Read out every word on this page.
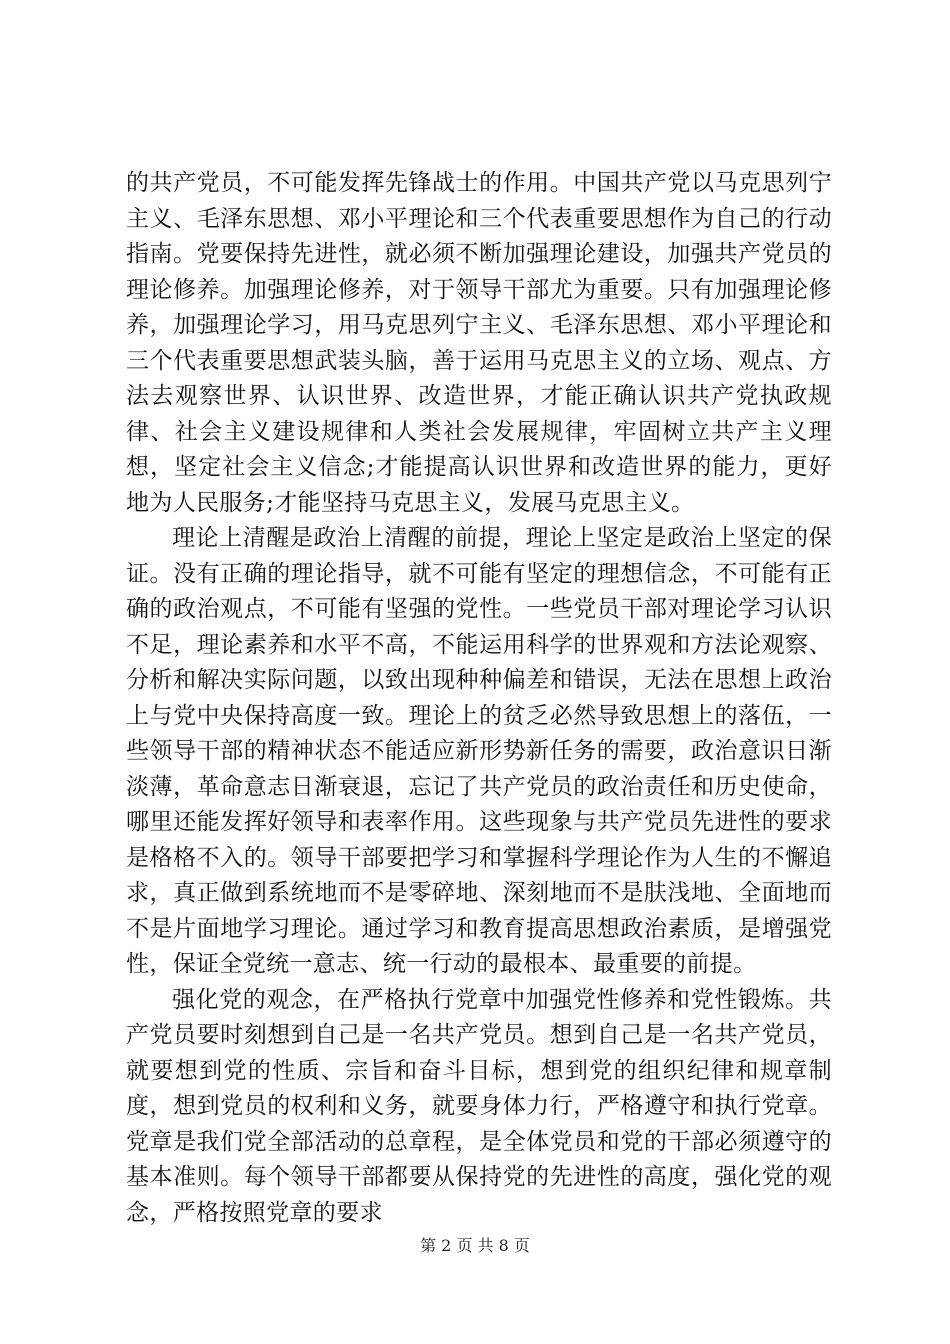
的共产党员，不可能发挥先锋战士的作用。中国共产党以马克思列宁主义、毛泽东思想、邓小平理论和三个代表重要思想作为自己的行动指南。党要保持先进性，就必须不断加强理论建设，加强共产党员的理论修养。加强理论修养，对于领导干部尤为重要。只有加强理论修养，加强理论学习，用马克思列宁主义、毛泽东思想、邓小平理论和三个代表重要思想武装头脑，善于运用马克思主义的立场、观点、方法去观察世界、认识世界、改造世界，才能正确认识共产党执政规律、社会主义建设规律和人类社会发展规律，牢固树立共产主义理想，坚定社会主义信念;才能提高认识世界和改造世界的能力，更好地为人民服务;才能坚持马克思主义，发展马克思主义。

理论上清醒是政治上清醒的前提，理论上坚定是政治上坚定的保证。没有正确的理论指导，就不可能有坚定的理想信念，不可能有正确的政治观点，不可能有坚强的党性。一些党员干部对理论学习认识不足，理论素养和水平不高，不能运用科学的世界观和方法论观察、分析和解决实际问题，以致出现种种偏差和错误，无法在思想上政治上与党中央保持高度一致。理论上的贫乏必然导致思想上的落伍，一些领导干部的精神状态不能适应新形势新任务的需要，政治意识日渐淡薄，革命意志日渐衰退，忘记了共产党员的政治责任和历史使命，哪里还能发挥好领导和表率作用。这些现象与共产党员先进性的要求是格格不入的。领导干部要把学习和掌握科学理论作为人生的不懈追求，真正做到系统地而不是零碎地、深刻地而不是肤浅地、全面地而不是片面地学习理论。通过学习和教育提高思想政治素质，是增强党性，保证全党统一意志、统一行动的最根本、最重要的前提。

强化党的观念，在严格执行党章中加强党性修养和党性锻炼。共产党员要时刻想到自己是一名共产党员。想到自己是一名共产党员，就要想到党的性质、宗旨和奋斗目标，想到党的组织纪律和规章制度，想到党员的权利和义务，就要身体力行，严格遵守和执行党章。党章是我们党全部活动的总章程，是全体党员和党的干部必须遵守的基本准则。每个领导干部都要从保持党的先进性的高度，强化党的观念，严格按照党章的要求

第 2 页 共 8 页
